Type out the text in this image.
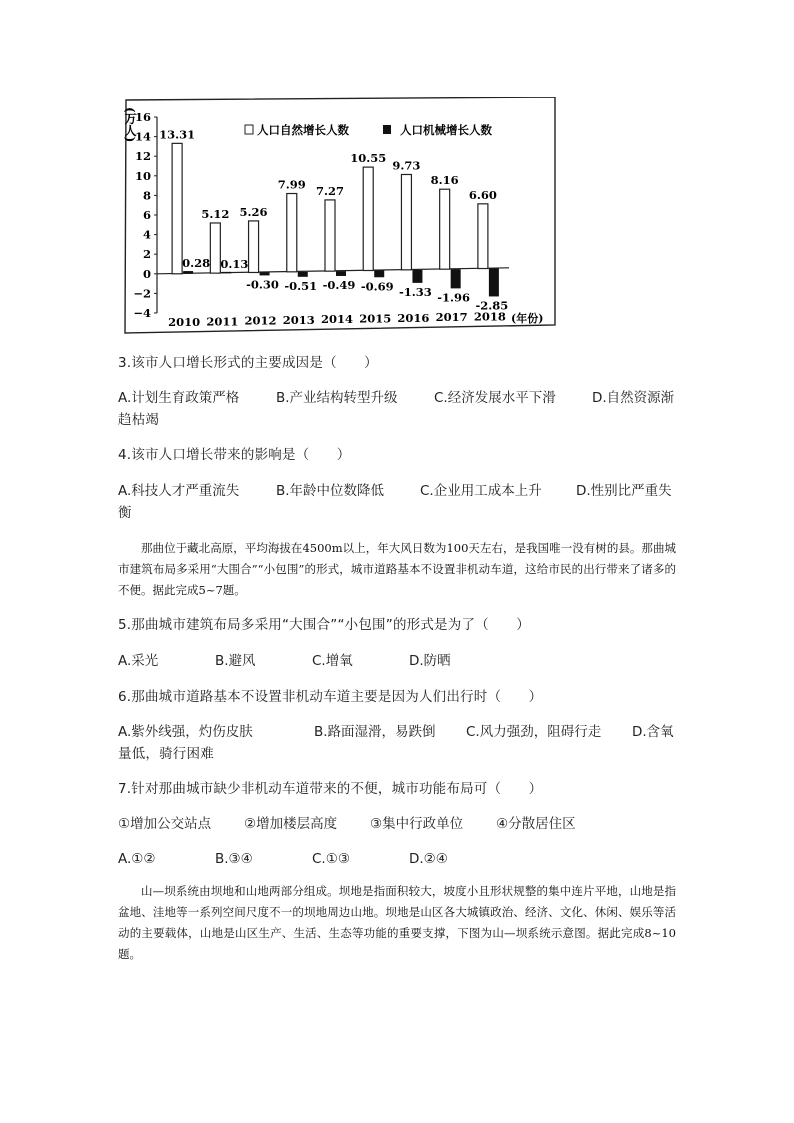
(万人) 13.31
0.28
2010
5.12
0.13
2011
5.26
-0.30
2012
7.99
-0.51
2013
7.27
-0.49
2014
10.55
-0.69
2015
9.73
-1.33
2016
8.16
-1.96
2017
6.60
-2.85
2018
16
14
12
10
8
6
4
2
0
−2
−4
人口自然增长人数	人口机械增长人数
(年份)
3.该市人口增长形式的主要成因是（　　）
A.计划生育政策严格	B.产业结构转型升级	C.经济发展水平下滑	D.自然资源渐
趋枯竭
4.该市人口增长带来的影响是（　　）
A.科技人才严重流失	B.年龄中位数降低	C.企业用工成本上升	D.性别比严重失
衡

那曲位于藏北高原，平均海拔在4500m以上，年大风日数为100天左右，是我国唯一没有树的县。那曲城市建筑布局多采用“大围合”“小包围”的形式，城市道路基本不设置非机动车道，这给市民的出行带来了诸多的不便。据此完成5~7题。

5.那曲城市建筑布局多采用“大围合”“小包围”的形式是为了（　　）
A.采光	B.避风	C.增氧	D.防晒
6.那曲城市道路基本不设置非机动车道主要是因为人们出行时（　　）
A.紫外线强，灼伤皮肤	B.路面湿滑，易跌倒 C.风力强劲，阻碍行走 D.含氧
量低，骑行困难
7.针对那曲城市缺少非机动车道带来的不便，城市功能布局可（　　）
①增加公交站点 ②增加楼层高度 ③集中行政单位 ④分散居住区
A.①②	B.③④	C.①③	D.②④

山—坝系统由坝地和山地两部分组成。坝地是指面积较大，坡度小且形状规整的集中连片平地，山地是指盆地、洼地等一系列空间尺度不一的坝地周边山地。坝地是山区各大城镇政治、经济、文化、休闲、娱乐等活动的主要载体，山地是山区生产、生活、生态等功能的重要支撑，下图为山—坝系统示意图。据此完成8~10题。
